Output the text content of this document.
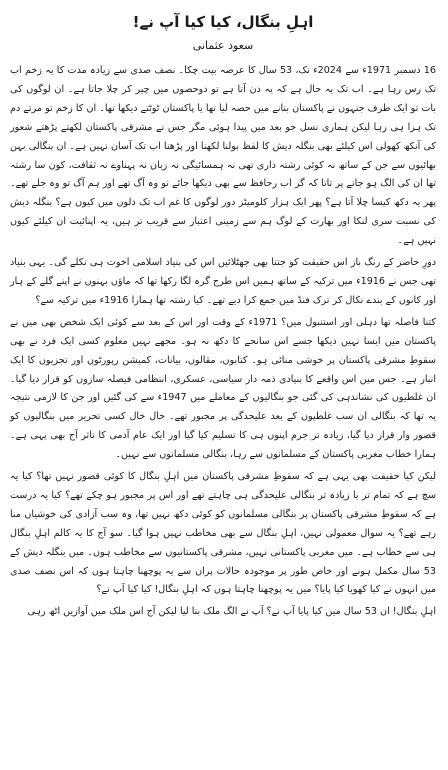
اہلِ بنگال، کیا کیا آپ نے!
سعود عثمانی

16 دسمبر 1971ء سے 2024ء تک، 53 سال کا عرصہ بیت چکا۔ نصف صدی سے زیادہ مدت کا یہ زخم اب تک رس رہا ہے۔ اب تک یہ حال ہے کہ یہ دن آتا ہے تو دوحصوں میں چیر کر چلا جاتا ہے۔ ان لوگوں کی بات تو ایک طرف جنہوں نے پاکستان بنانے میں حصہ لیا تھا یا پاکستان ٹوٹتے دیکھا تھا۔ ان کا زخم تو مرتے دم تک ہرا ہی رہا لیکن ہماری نسل جو بعد میں پیدا ہوئی مگر جس نے مشرقی پاکستان لکھتے پڑھتے شعور کی آنکھ کھولی اس کیلئے بھی بنگلہ دیش کا لفظ بولنا لکھنا اور پڑھنا اب تک آسان نہیں ہے۔ ان بنگالی بہن بھائیوں سے جن کے ساتھ نہ کوئی رشتہ داری تھی نہ ہمسائیگی نہ زبان نہ پہناوے نہ ثقافت، کون سا رشتہ تھا ان کی الگ ہو جانے پر تاتا کہ گر اب رحافظ سے بھی دیکھا جائے تو وہ آگ تھے اور ہم آگ تو وہ جلے تھے۔ پھر یہ دکھ کیسا چلا آتا ہے؟ پھر ایک ہزار کلومیٹر دور لوگوں کا غم اب تک دلوں میں کیوں ہے؟ بنگلہ دیش کی نسبت سری لنکا اور بھارت کے لوگ ہم سے زمینی اعتبار سے قریب تر ہیں، یہ اپنائیت ان کیلئے کیوں نہیں ہے۔

دورِ حاضر کے رنگ باز اس حقیقت کو جتنا بھی جھٹلائیں اس کی بنیاد اسلامی اخوت ہی نکلے گی۔ یہی بنیاد تھی جس نے 1916ء میں ترکیہ کے ساتھ ہمیں اس طرح گرہ لگا رکھا تھا کہ ماؤں بہنوں نے اپنے گلے کے ہار اور کانوں کے بندے نکال کر ترک فنڈ میں جمع کرا دیے تھے۔ کیا رشتہ تھا ہمارا 1916ء میں ترکیہ سے؟

کتنا فاصلہ تھا دہلی اور استنبول میں؟ 1971ء کے وقت اور اس کے بعد سے کوئی ایک شخص بھی میں نے پاکستان میں ایسا نہیں دیکھا جسے اس سانحے کا دکھ نہ ہو۔ مجھے نہیں معلوم کسی ایک فرد نے بھی سقوطِ مشرقی پاکستان پر خوشی منائی ہو۔ کتابوں، مقالوں، بیانات، کمیشن رپورٹوں اور تجزیوں کا ایک انبار ہے۔ جس میں اس واقعے کا بنیادی ذمہ دار سیاسی، عسکری، انتظامی فیصلہ سازوں کو قرار دیا گیا۔ ان غلطیوں کی نشاندہی کی گئی جو بنگالیوں کے معاملے میں 1947ء سے کی گئیں اور جن کا لازمی نتیجہ یہ تھا کہ بنگالی ان سب غلطیوں کے بعد علیحدگی پر مجبور تھے۔ خال خال کسی تحریر میں بنگالیوں کو قصور وار قرار دیا گیا، زیادہ تر جرم اپنوں ہی کا تسلیم کیا گیا اور ایک عام آدمی کا تاثر آج بھی یہی ہے۔ ہمارا خطاب مغربی پاکستان کے مسلمانوں سے رہا، بنگالی مسلمانوں سے نہیں۔

لیکن کیا حقیقت بھی یہی ہے کہ سقوطِ مشرقی پاکستان میں اہلِ بنگال کا کوئی قصور نہیں تھا؟ کیا یہ سچ ہے کہ تمام تر یا زیادہ تر بنگالی علیحدگی ہی چاہتے تھے اور اس پر مجبور ہو چکے تھے؟ کیا یہ درست ہے کہ سقوطِ مشرقی پاکستان پر بنگالی مسلمانوں کو کوئی دکھ نہیں تھا، وہ سب آزادی کی خوشیاں منا رہے تھے؟ یہ سوال معمولی نہیں، اہلِ بنگال سے بھی مخاطب نہیں ہوا گیا۔ سو آج کا یہ کالم اہلِ بنگال ہی سے خطاب ہے۔ میں مغربی پاکستانی نہیں، مشرقی پاکستانیوں سے مخاطب ہوں۔ میں بنگلہ دیش کے 53 سال مکمل ہونے اور خاص طور پر موجودہ حالات پران سے یہ پوچھنا چاہتا ہوں کہ اس نصف صدی میں انہوں نے کیا کھویا کیا پایا؟ میں یہ پوچھنا چاہتا ہوں کہ اہلِ بنگال! کیا کیا آپ نے؟

اہلِ بنگال! ان 53 سال میں کیا پایا آپ نے؟ آپ نے الگ ملک بنا لیا لیکن آج اس ملک میں آوازیں اٹھ رہی
